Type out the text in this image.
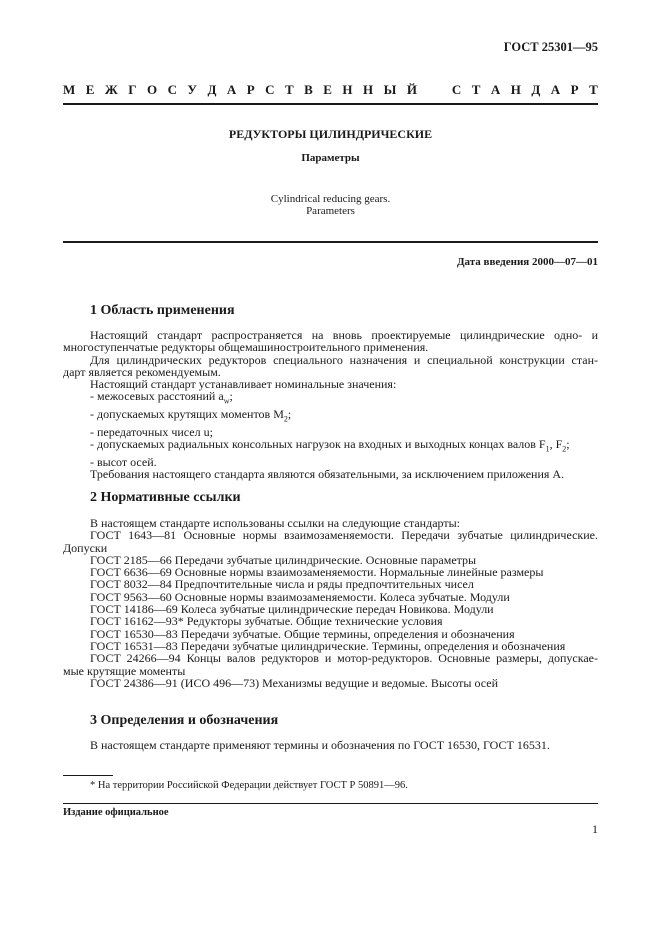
ГОСТ 25301—95
М Е Ж Г О С У Д А Р С Т В Е Н Н Ы Й	С Т А Н Д А Р Т
РЕДУКТОРЫ ЦИЛИНДРИЧЕСКИЕ
Параметры
Cylindrical reducing gears.
Parameters
Дата введения 2000—07—01
1 Область применения
Настоящий стандарт распространяется на вновь проектируемые цилиндрические одно- и
многоступенчатые редукторы общемашиностроительного применения.
Для цилиндрических редукторов специального назначения и специальной конструкции стан-
дарт является рекомендуемым.
Настоящий стандарт устанавливает номинальные значения:
- межосевых расстояний $a_w$;
- допускаемых крутящих моментов $M_2$;
- передаточных чисел u;
- допускаемых радиальных консольных нагрузок на входных и выходных концах валов $F_1$, $F_2$;
- высот осей.
Требования настоящего стандарта являются обязательными, за исключением приложения А.
2 Нормативные ссылки
В настоящем стандарте использованы ссылки на следующие стандарты:
ГОСТ 1643—81 Основные нормы взаимозаменяемости. Передачи зубчатые цилиндрические.
Допуски
ГОСТ 2185—66 Передачи зубчатые цилиндрические. Основные параметры
ГОСТ 6636—69 Основные нормы взаимозаменяемости. Нормальные линейные размеры
ГОСТ 8032—84 Предпочтительные числа и ряды предпочтительных чисел
ГОСТ 9563—60 Основные нормы взаимозаменяемости. Колеса зубчатые. Модули
ГОСТ 14186—69 Колеса зубчатые цилиндрические передач Новикова. Модули
ГОСТ 16162—93* Редукторы зубчатые. Общие технические условия
ГОСТ 16530—83 Передачи зубчатые. Общие термины, определения и обозначения
ГОСТ 16531—83 Передачи зубчатые цилиндрические. Термины, определения и обозначения
ГОСТ 24266—94 Концы валов редукторов и мотор-редукторов. Основные размеры, допускае-
мые крутящие моменты
ГОСТ 24386—91 (ИСО 496—73) Механизмы ведущие и ведомые. Высоты осей
3 Определения и обозначения
В настоящем стандарте применяют термины и обозначения по ГОСТ 16530, ГОСТ 16531.
* На территории Российской Федерации действует ГОСТ Р 50891—96.
Издание официальное
1
